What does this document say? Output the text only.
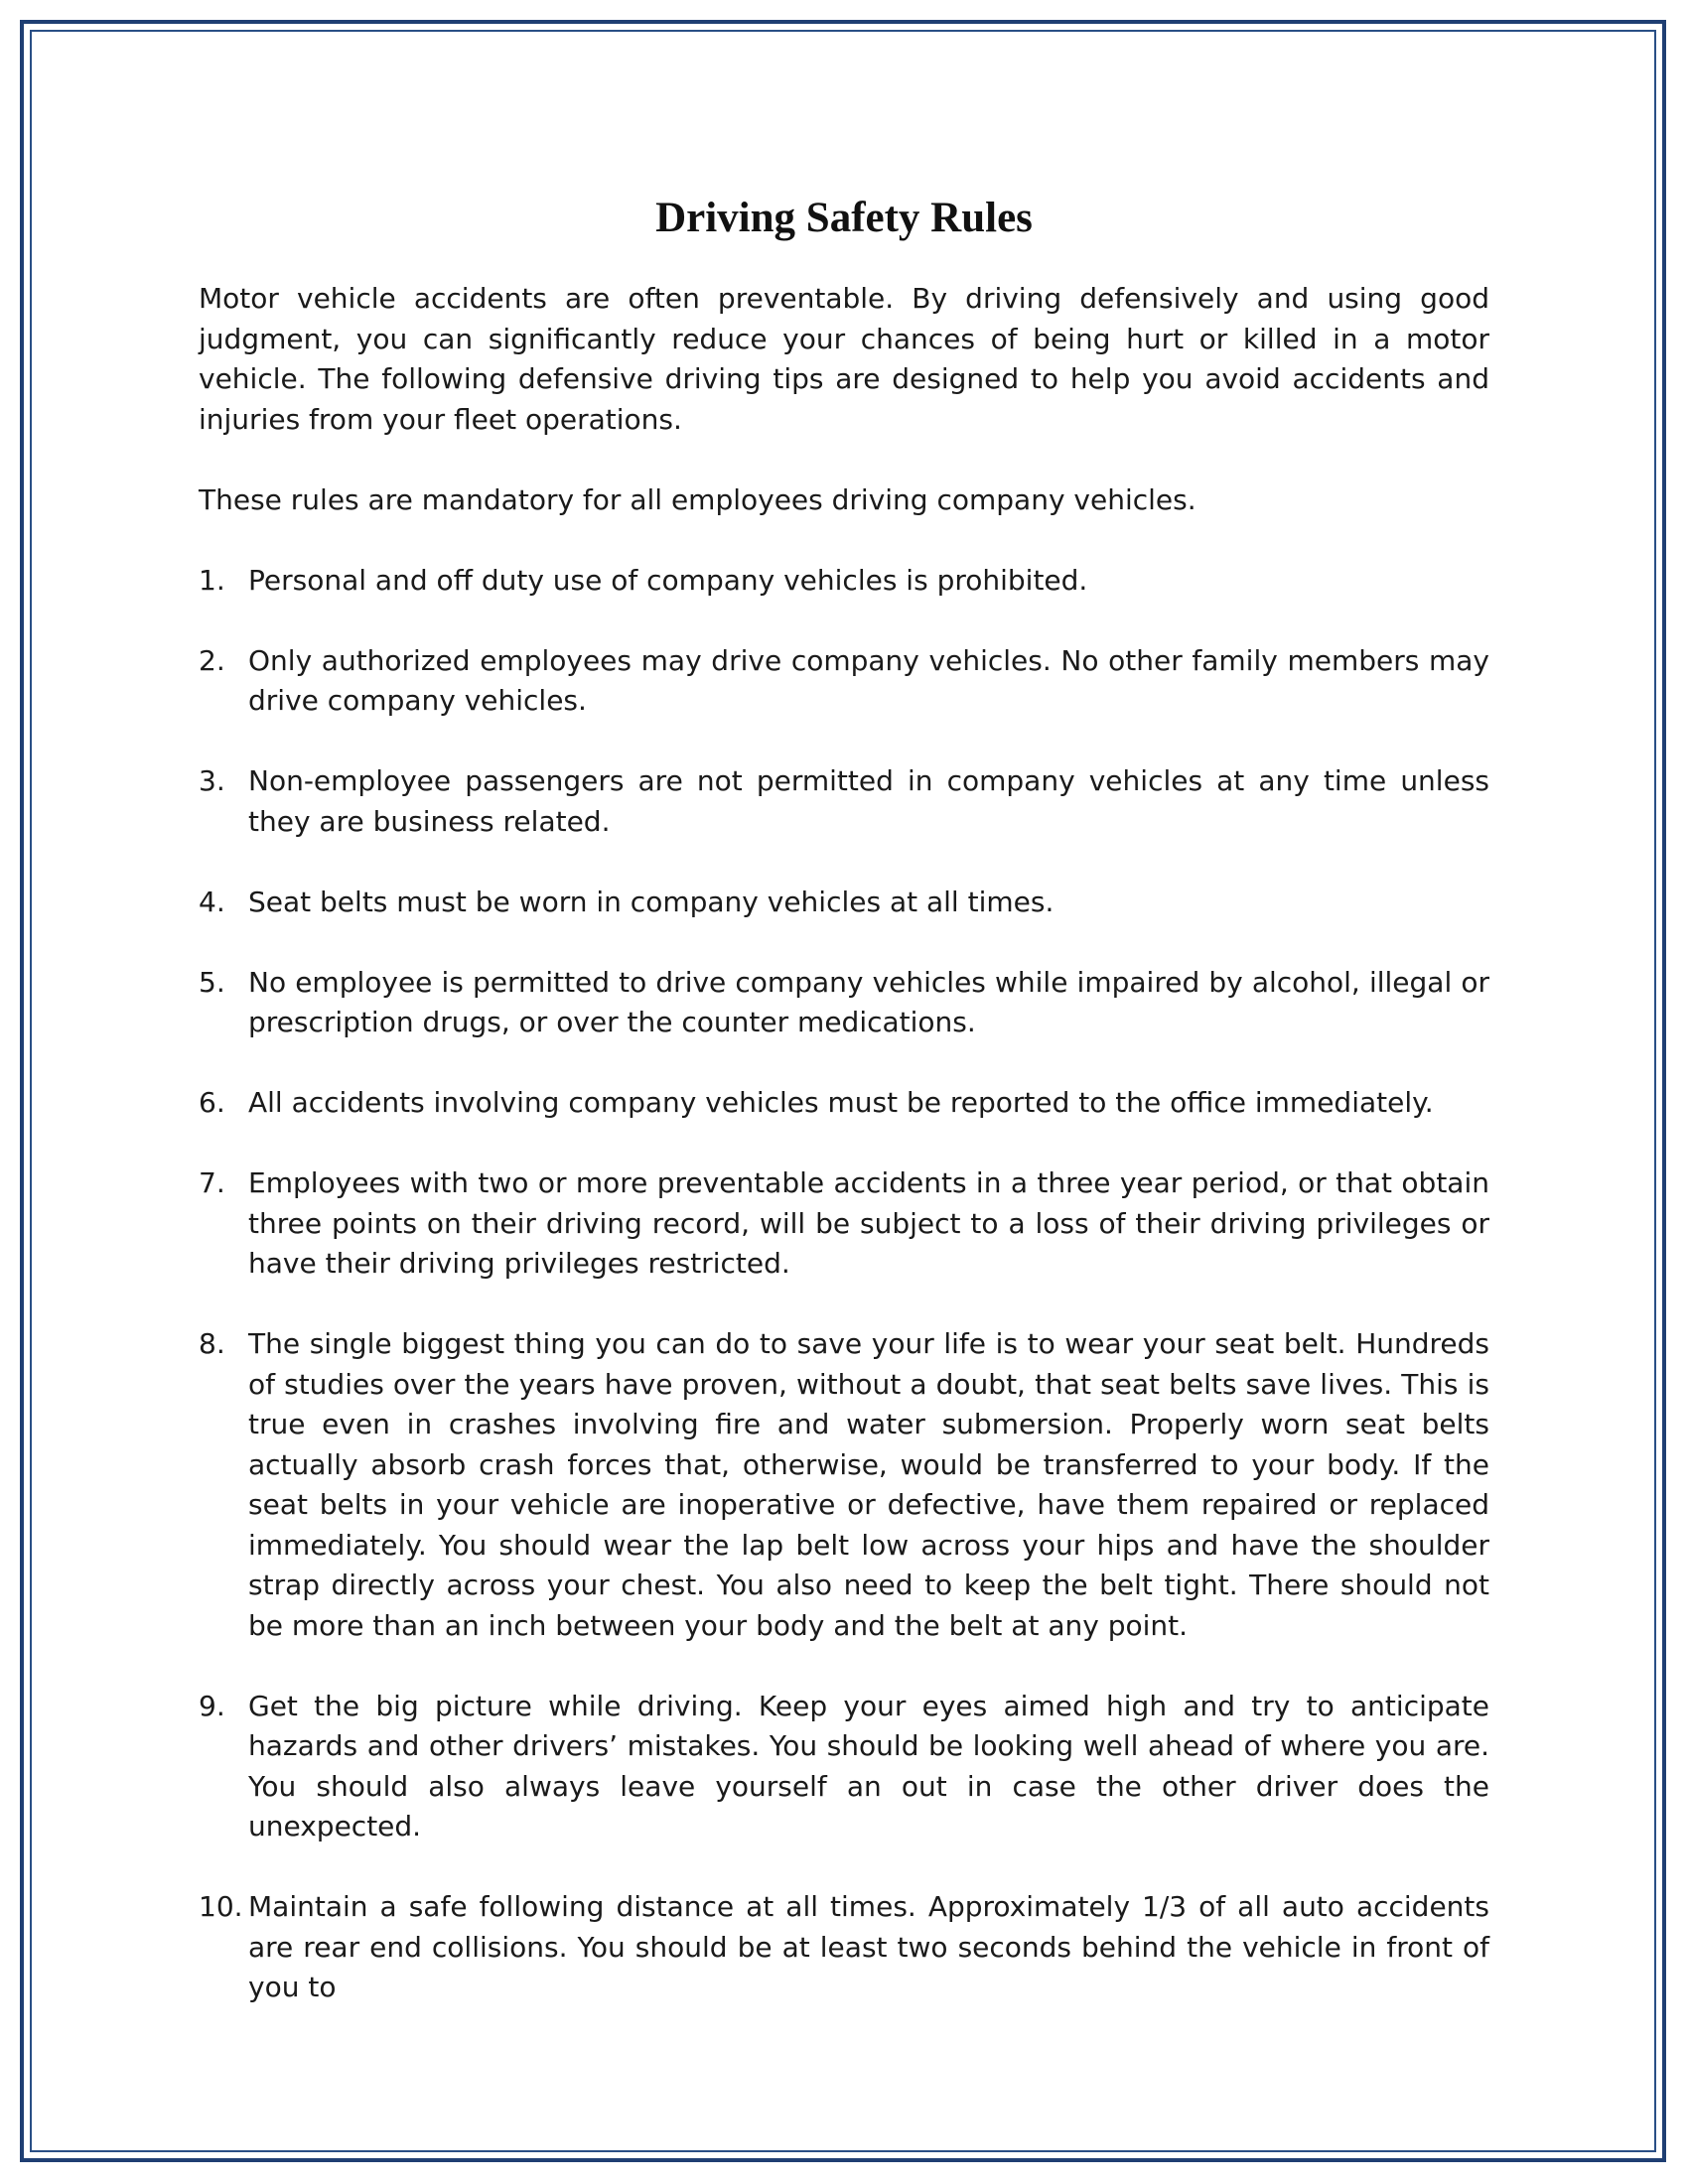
Driving Safety Rules

Motor vehicle accidents are often preventable. By driving defensively and using good judgment, you can significantly reduce your chances of being hurt or killed in a motor vehicle. The following defensive driving tips are designed to help you avoid accidents and injuries from your fleet operations.

These rules are mandatory for all employees driving company vehicles.

1. Personal and off duty use of company vehicles is prohibited.
2. Only authorized employees may drive company vehicles. No other family members may drive company vehicles.
3. Non-employee passengers are not permitted in company vehicles at any time unless they are business related.
4. Seat belts must be worn in company vehicles at all times.
5. No employee is permitted to drive company vehicles while impaired by alcohol, illegal or prescription drugs, or over the counter medications.
6. All accidents involving company vehicles must be reported to the office immediately.
7. Employees with two or more preventable accidents in a three year period, or that obtain three points on their driving record, will be subject to a loss of their driving privileges or have their driving privileges restricted.
8. The single biggest thing you can do to save your life is to wear your seat belt. Hundreds of studies over the years have proven, without a doubt, that seat belts save lives. This is true even in crashes involving fire and water submersion. Properly worn seat belts actually absorb crash forces that, otherwise, would be transferred to your body. If the seat belts in your vehicle are inoperative or defective, have them repaired or replaced immediately. You should wear the lap belt low across your hips and have the shoulder strap directly across your chest. You also need to keep the belt tight. There should not be more than an inch between your body and the belt at any point.
9. Get the big picture while driving. Keep your eyes aimed high and try to anticipate hazards and other drivers’ mistakes. You should be looking well ahead of where you are. You should also always leave yourself an out in case the other driver does the unexpected.
10. Maintain a safe following distance at all times. Approximately 1/3 of all auto accidents are rear end collisions. You should be at least two seconds behind the vehicle in front of you to
